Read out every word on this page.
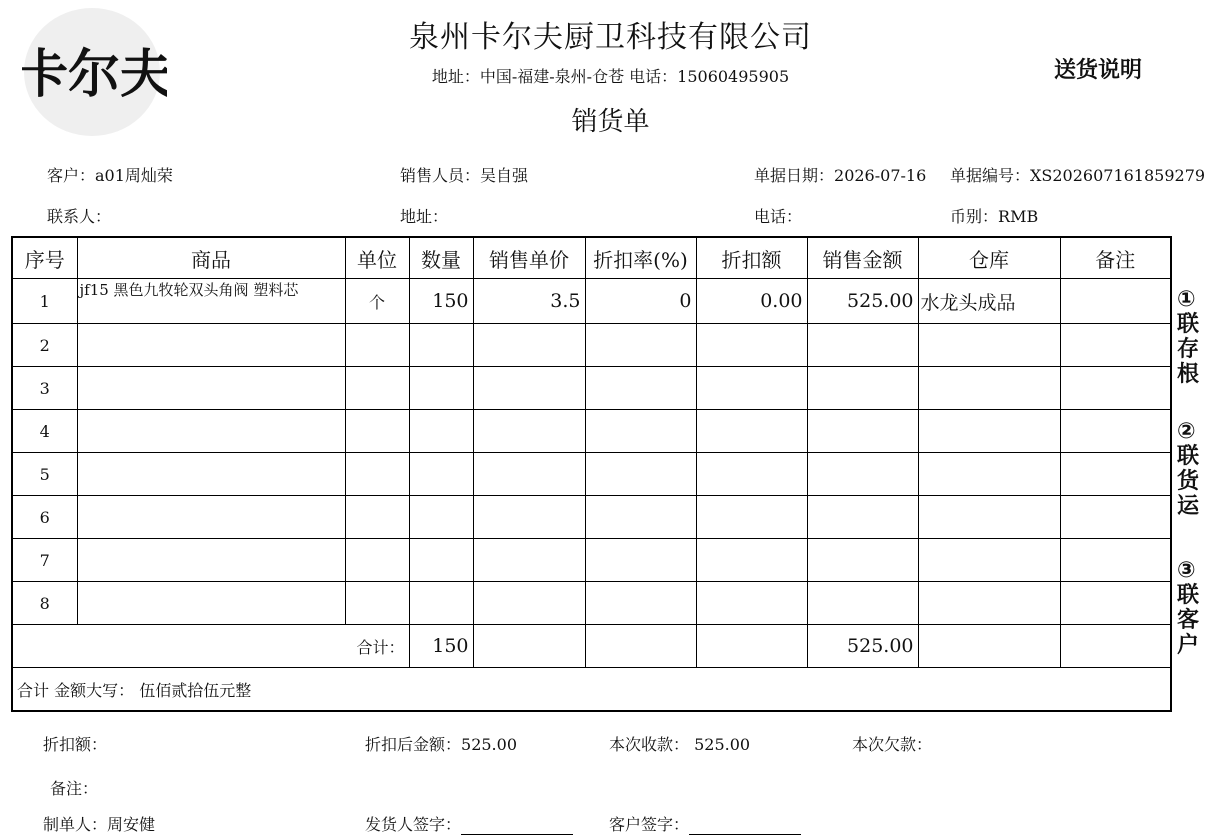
卡尔夫
泉州卡尔夫厨卫科技有限公司
地址：中国-福建-泉州-仓苍 电话：15060495905
销货单
送货说明
客户：a01周灿荣	销售人员：吴自强	单据日期：2026-07-16 单据编号：XS202607161859279
联系人：	地址：	电话：	币别：RMB
序号	商品	单位	数量	销售单价	折扣率(%)	折扣额	销售金额	仓库	备注
1	jf15 黑色九牧轮双头角阀 塑料芯	个	150	3.5	0	0.00	525.00	水龙头成品	
2									
3									
4									
5									
6									
7									
8									
合计：			150				525.00		
合计 金额大写： 伍佰贰拾伍元整									
①
联存根
②
联货运
③
联客户
折扣额：	折扣后金额：525.00	本次收款： 525.00	本次欠款：
备注：
制单人：周安健	发货人签字：	客户签字：
